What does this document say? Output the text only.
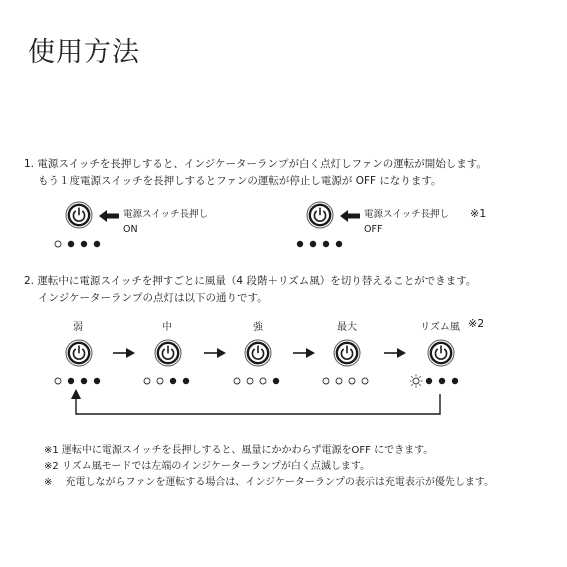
使用方法
1. 電源スイッチを長押しすると、インジケーターランプが白く点灯しファンの運転が開始します。
もう１度電源スイッチを長押しするとファンの運転が停止し電源が OFF になります。
電源スイッチ長押し
ON
電源スイッチ長押し
OFF
※1
2. 運転中に電源スイッチを押すごとに風量（4 段階＋リズム風）を切り替えることができます。
インジケーターランプの点灯は以下の通りです。
弱	中	強	最大	リズム風 ※2
※1 運転中に電源スイッチを長押しすると、風量にかかわらず電源をOFF にできます。
※2 リズム風モードでは左端のインジケーターランプが白く点滅します。
※　 充電しながらファンを運転する場合は、インジケーターランプの表示は充電表示が優先します。
